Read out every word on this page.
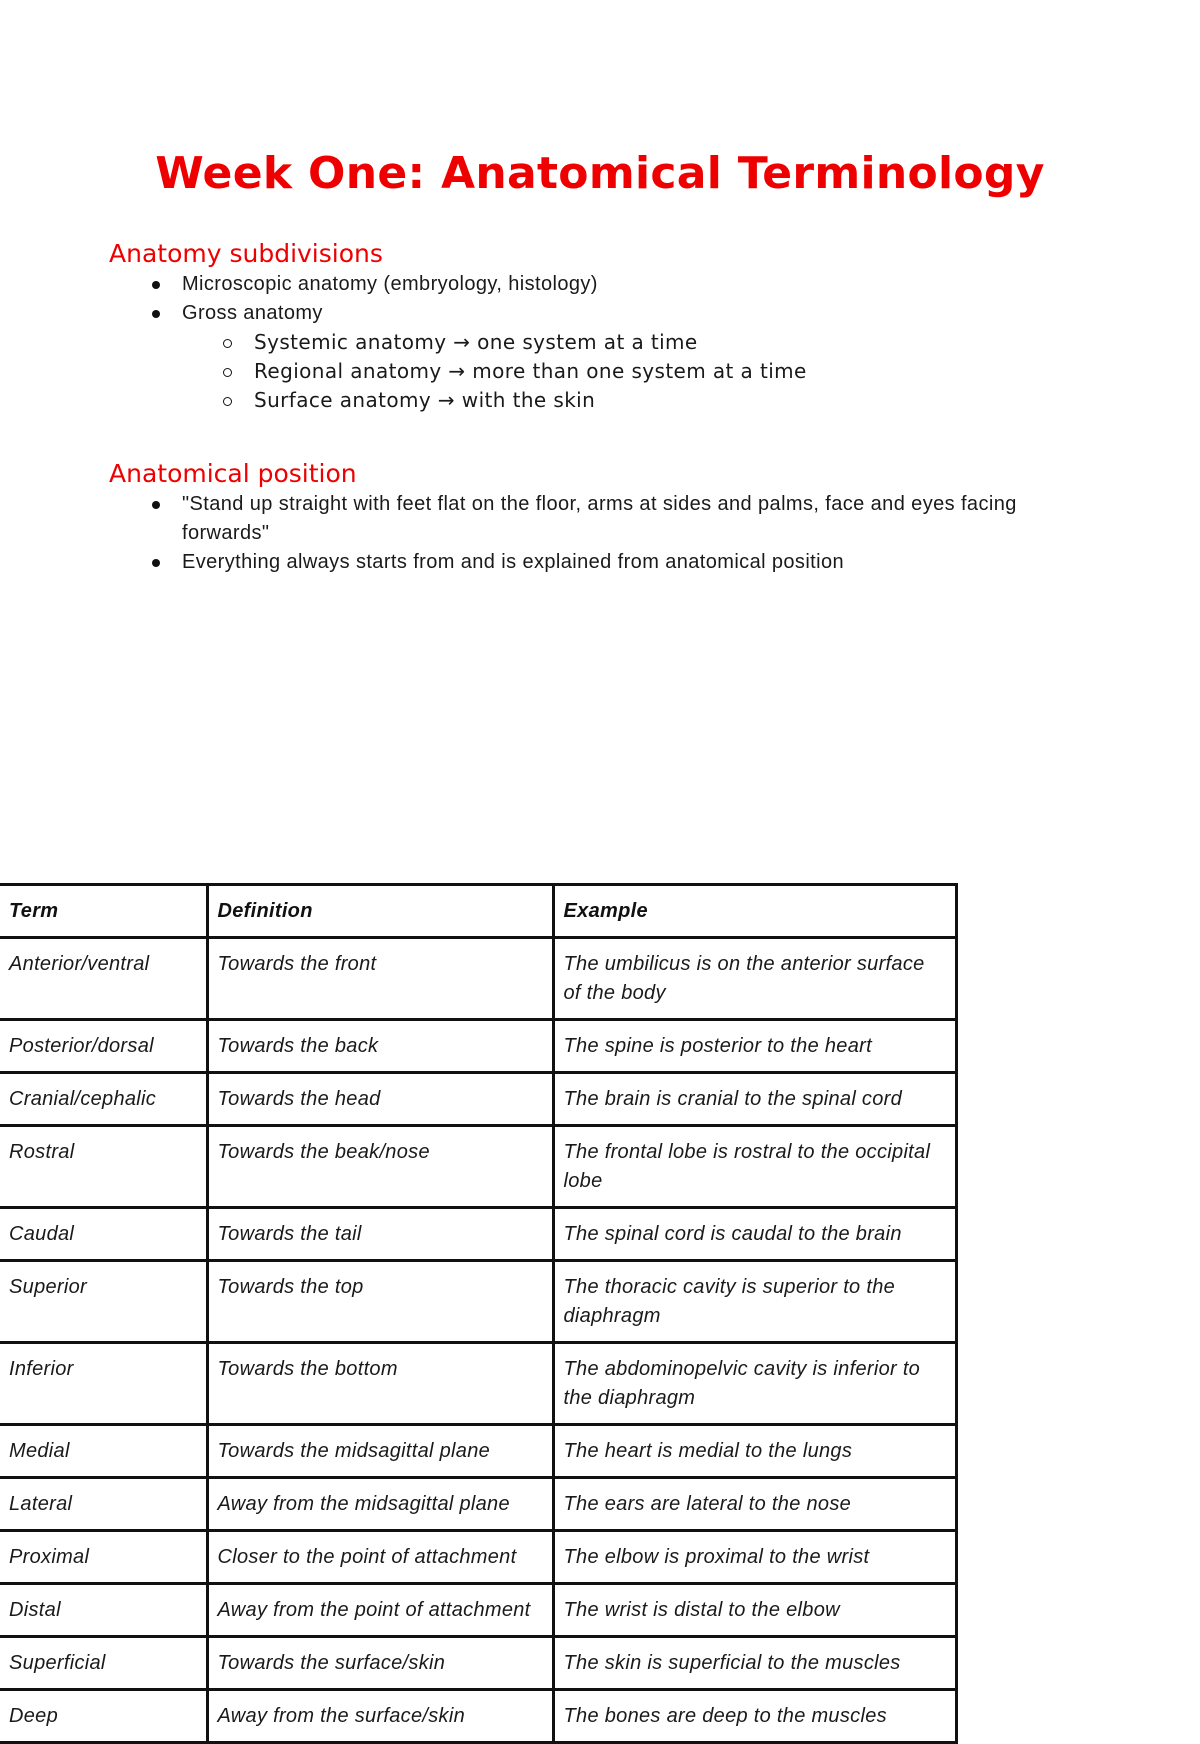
Week One: Anatomical Terminology
Anatomy subdivisions
Microscopic anatomy (embryology, histology)
Gross anatomy
Systemic anatomy → one system at a time
Regional anatomy → more than one system at a time
Surface anatomy → with the skin
Anatomical position
"Stand up straight with feet flat on the floor, arms at sides and palms, face and eyes facing forwards"
Everything always starts from and is explained from anatomical position
Term	Definition	Example
Anterior/ventral	Towards the front	The umbilicus is on the anterior surface of the body
Posterior/dorsal	Towards the back	The spine is posterior to the heart
Cranial/cephalic	Towards the head	The brain is cranial to the spinal cord
Rostral	Towards the beak/nose	The frontal lobe is rostral to the occipital lobe
Caudal	Towards the tail	The spinal cord is caudal to the brain
Superior	Towards the top	The thoracic cavity is superior to the diaphragm
Inferior	Towards the bottom	The abdominopelvic cavity is inferior to the diaphragm
Medial	Towards the midsagittal plane	The heart is medial to the lungs
Lateral	Away from the midsagittal plane	The ears are lateral to the nose
Proximal	Closer to the point of attachment	The elbow is proximal to the wrist
Distal	Away from the point of attachment	The wrist is distal to the elbow
Superficial	Towards the surface/skin	The skin is superficial to the muscles
Deep	Away from the surface/skin	The bones are deep to the muscles
